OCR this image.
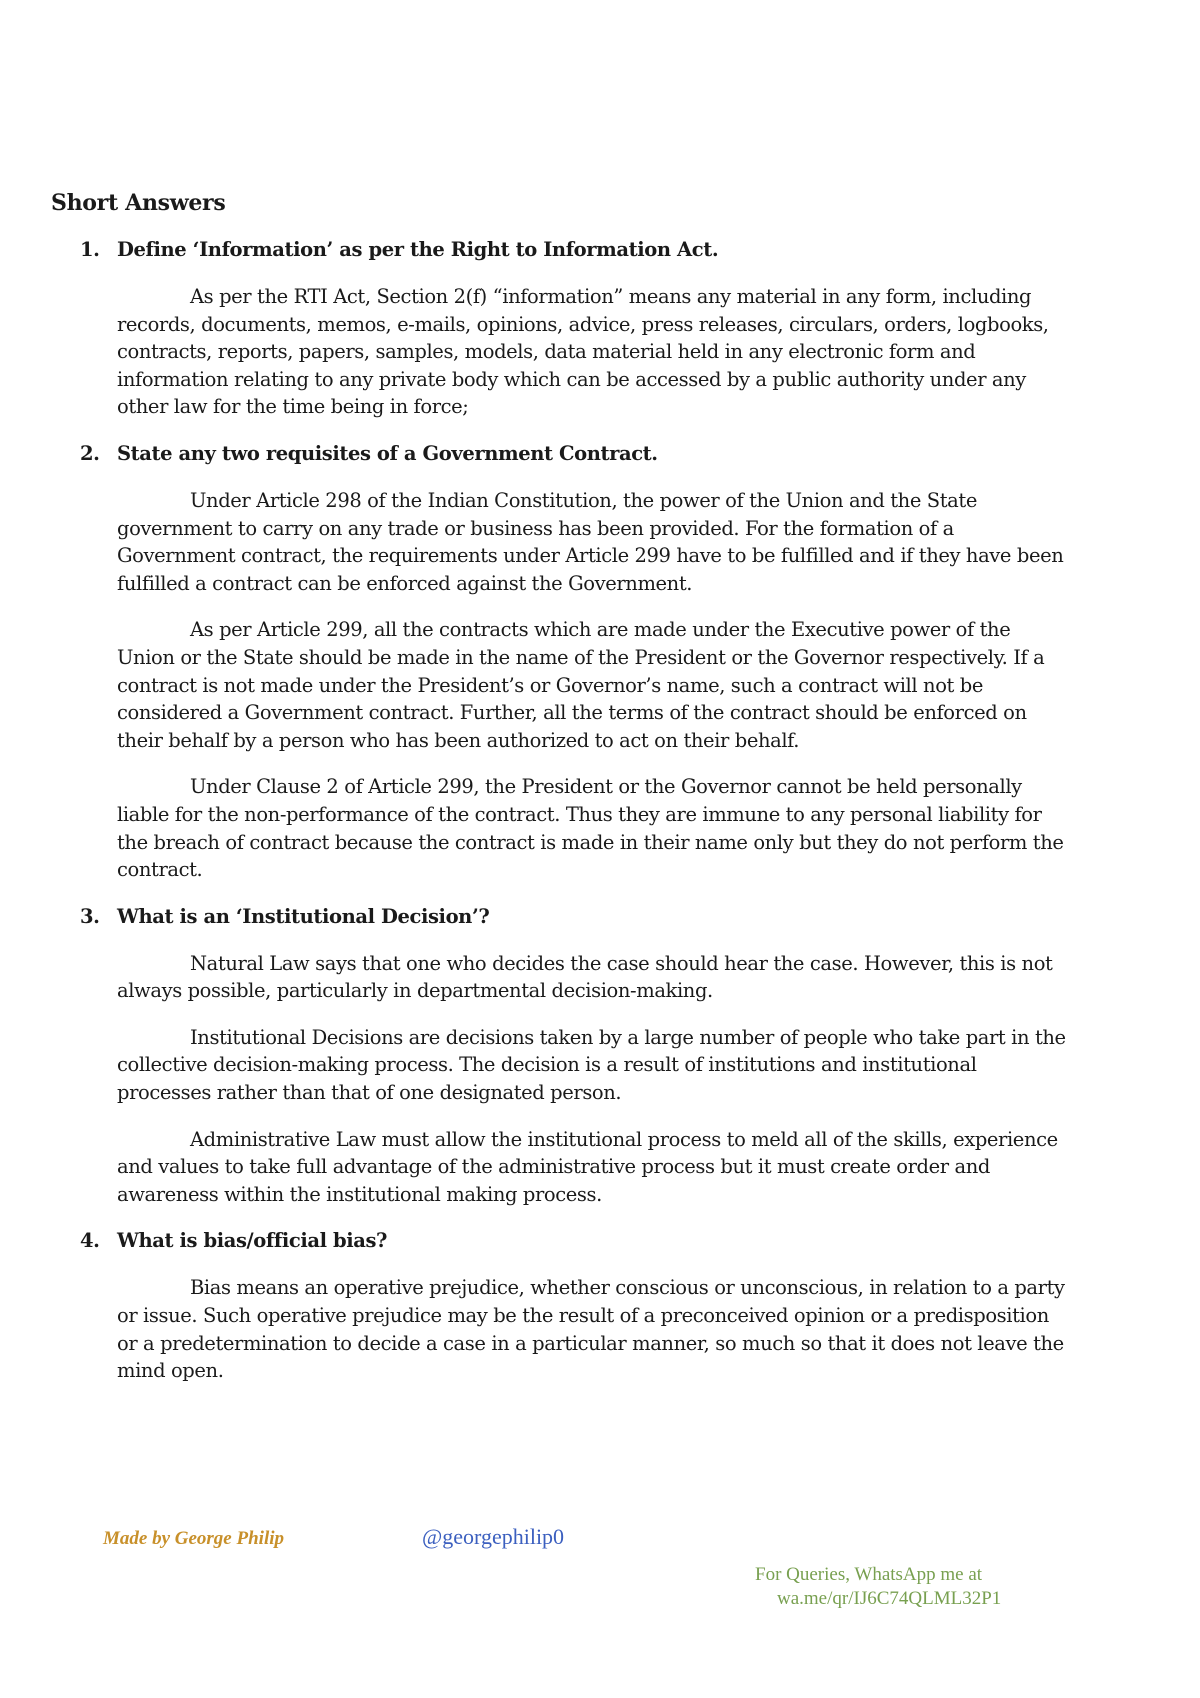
Short Answers
1. Define ‘Information’ as per the Right to Information Act.

As per the RTI Act, Section 2(f) “information” means any material in any form, including records, documents, memos, e-mails, opinions, advice, press releases, circulars, orders, logbooks, contracts, reports, papers, samples, models, data material held in any electronic form and information relating to any private body which can be accessed by a public authority under any other law for the time being in force;

2. State any two requisites of a Government Contract.

Under Article 298 of the Indian Constitution, the power of the Union and the State government to carry on any trade or business has been provided. For the formation of a Government contract, the requirements under Article 299 have to be fulfilled and if they have been fulfilled a contract can be enforced against the Government.

As per Article 299, all the contracts which are made under the Executive power of the Union or the State should be made in the name of the President or the Governor respectively. If a contract is not made under the President’s or Governor’s name, such a contract will not be considered a Government contract. Further, all the terms of the contract should be enforced on their behalf by a person who has been authorized to act on their behalf.

Under Clause 2 of Article 299, the President or the Governor cannot be held personally liable for the non-performance of the contract. Thus they are immune to any personal liability for the breach of contract because the contract is made in their name only but they do not perform the contract.

3. What is an ‘Institutional Decision’?

Natural Law says that one who decides the case should hear the case. However, this is not always possible, particularly in departmental decision-making.

Institutional Decisions are decisions taken by a large number of people who take part in the collective decision-making process. The decision is a result of institutions and institutional processes rather than that of one designated person.

Administrative Law must allow the institutional process to meld all of the skills, experience and values to take full advantage of the administrative process but it must create order and awareness within the institutional making process.

4. What is bias/official bias?

Bias means an operative prejudice, whether conscious or unconscious, in relation to a party or issue. Such operative prejudice may be the result of a preconceived opinion or a predisposition or a predetermination to decide a case in a particular manner, so much so that it does not leave the mind open.

Made by George Philip	@georgephilip0
For Queries, WhatsApp me at
wa.me/qr/IJ6C74QLML32P1
